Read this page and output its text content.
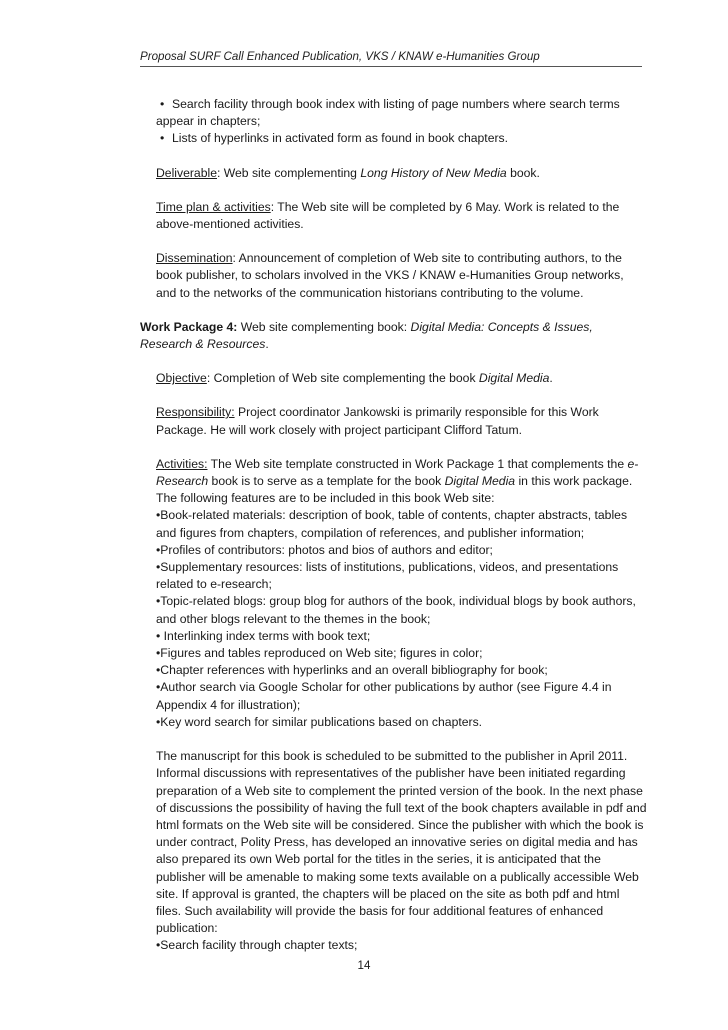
Proposal SURF Call Enhanced Publication, VKS / KNAW e-Humanities Group

• Search facility through book index with listing of page numbers where search terms appear in chapters;

• Lists of hyperlinks in activated form as found in book chapters.

Deliverable: Web site complementing Long History of New Media book.

Time plan & activities: The Web site will be completed by 6 May. Work is related to the above-mentioned activities.

Dissemination: Announcement of completion of Web site to contributing authors, to the book publisher, to scholars involved in the VKS / KNAW e-Humanities Group networks, and to the networks of the communication historians contributing to the volume.

Work Package 4: Web site complementing book: Digital Media: Concepts & Issues, Research & Resources.

Objective: Completion of Web site complementing the book Digital Media.

Responsibility: Project coordinator Jankowski is primarily responsible for this Work Package. He will work closely with project participant Clifford Tatum.

Activities: The Web site template constructed in Work Package 1 that complements the e-Research book is to serve as a template for the book Digital Media in this work package. The following features are to be included in this book Web site:

•Book-related materials: description of book, table of contents, chapter abstracts, tables and figures from chapters, compilation of references, and publisher information;

•Profiles of contributors: photos and bios of authors and editor;

•Supplementary resources: lists of institutions, publications, videos, and presentations related to e-research;

•Topic-related blogs: group blog for authors of the book, individual blogs by book authors, and other blogs relevant to the themes in the book;

• Interlinking index terms with book text;

•Figures and tables reproduced on Web site; figures in color;

•Chapter references with hyperlinks and an overall bibliography for book;

•Author search via Google Scholar for other publications by author (see Figure 4.4 in Appendix 4 for illustration);

•Key word search for similar publications based on chapters.

The manuscript for this book is scheduled to be submitted to the publisher in April 2011. Informal discussions with representatives of the publisher have been initiated regarding preparation of a Web site to complement the printed version of the book. In the next phase of discussions the possibility of having the full text of the book chapters available in pdf and html formats on the Web site will be considered. Since the publisher with which the book is under contract, Polity Press, has developed an innovative series on digital media and has also prepared its own Web portal for the titles in the series, it is anticipated that the publisher will be amenable to making some texts available on a publically accessible Web site. If approval is granted, the chapters will be placed on the site as both pdf and html files. Such availability will provide the basis for four additional features of enhanced publication:

•Search facility through chapter texts;

14
